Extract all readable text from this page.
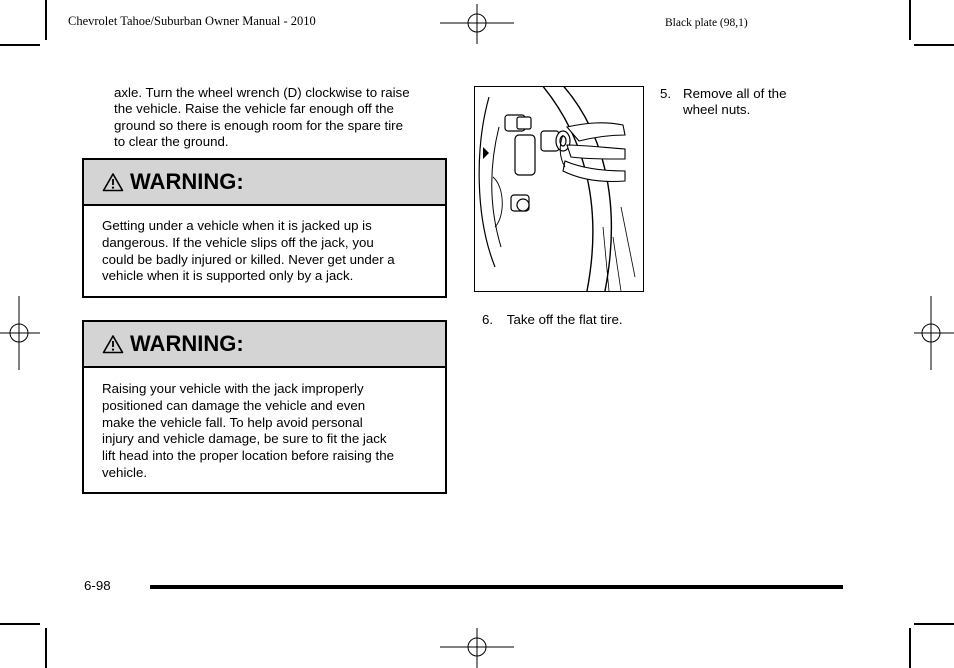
Chevrolet Tahoe/Suburban Owner Manual - 2010	Black plate (98,1)
axle. Turn the wheel wrench (D) clockwise to raise
the vehicle. Raise the vehicle far enough off the
ground so there is enough room for the spare tire
to clear the ground.
WARNING:
Getting under a vehicle when it is jacked up is
dangerous. If the vehicle slips off the jack, you
could be badly injured or killed. Never get under a
vehicle when it is supported only by a jack.
WARNING:
Raising your vehicle with the jack improperly
positioned can damage the vehicle and even
make the vehicle fall. To help avoid personal
injury and vehicle damage, be sure to fit the jack
lift head into the proper location before raising the
vehicle.
5. Remove all of the
wheel nuts.
6. Take off the flat tire.
6-98
